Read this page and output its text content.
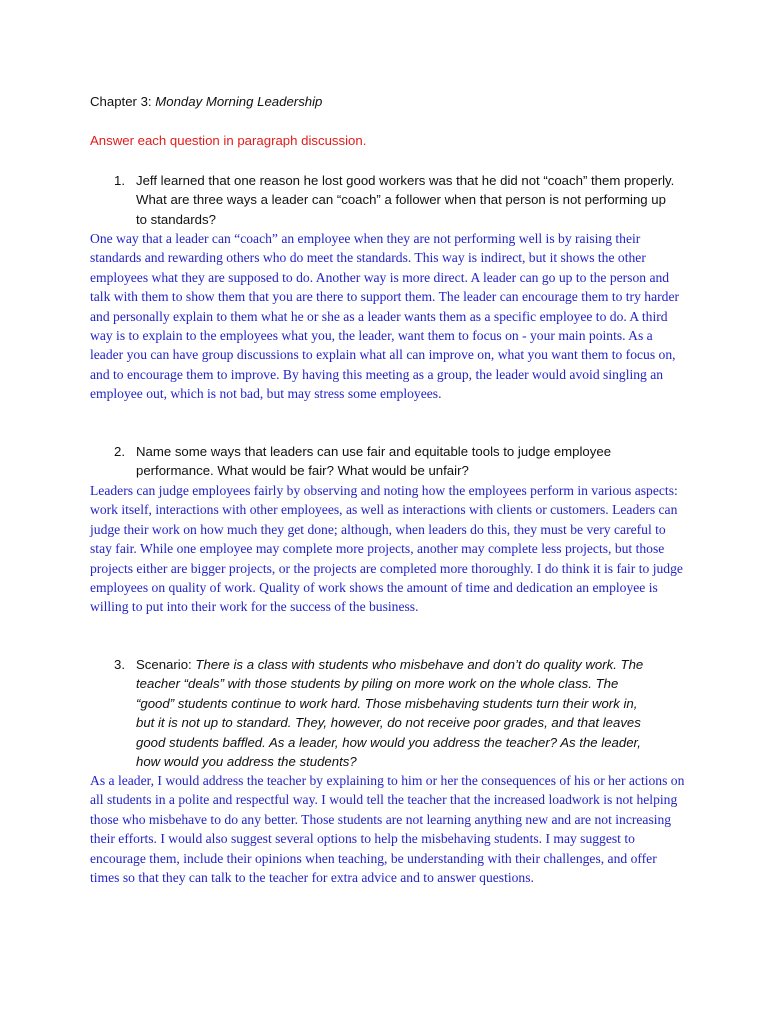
Chapter 3: Monday Morning Leadership
Answer each question in paragraph discussion.
1. Jeff learned that one reason he lost good workers was that he did not “coach” them properly. What are three ways a leader can “coach” a follower when that person is not performing up to standards?
One way that a leader can “coach” an employee when they are not performing well is by raising their standards and rewarding others who do meet the standards. This way is indirect, but it shows the other employees what they are supposed to do. Another way is more direct. A leader can go up to the person and talk with them to show them that you are there to support them. The leader can encourage them to try harder and personally explain to them what he or she as a leader wants them as a specific employee to do. A third way is to explain to the employees what you, the leader, want them to focus on - your main points. As a leader you can have group discussions to explain what all can improve on, what you want them to focus on, and to encourage them to improve. By having this meeting as a group, the leader would avoid singling an employee out, which is not bad, but may stress some employees.
2. Name some ways that leaders can use fair and equitable tools to judge employee performance. What would be fair? What would be unfair?
Leaders can judge employees fairly by observing and noting how the employees perform in various aspects: work itself, interactions with other employees, as well as interactions with clients or customers. Leaders can judge their work on how much they get done; although, when leaders do this, they must be very careful to stay fair. While one employee may complete more projects, another may complete less projects, but those projects either are bigger projects, or the projects are completed more thoroughly. I do think it is fair to judge employees on quality of work. Quality of work shows the amount of time and dedication an employee is willing to put into their work for the success of the business.
3. Scenario: There is a class with students who misbehave and don’t do quality work. The teacher “deals” with those students by piling on more work on the whole class. The “good” students continue to work hard. Those misbehaving students turn their work in, but it is not up to standard. They, however, do not receive poor grades, and that leaves good students baffled. As a leader, how would you address the teacher? As the leader, how would you address the students?
As a leader, I would address the teacher by explaining to him or her the consequences of his or her actions on all students in a polite and respectful way. I would tell the teacher that the increased loadwork is not helping those who misbehave to do any better. Those students are not learning anything new and are not increasing their efforts. I would also suggest several options to help the misbehaving students. I may suggest to encourage them, include their opinions when teaching, be understanding with their challenges, and offer times so that they can talk to the teacher for extra advice and to answer questions.
